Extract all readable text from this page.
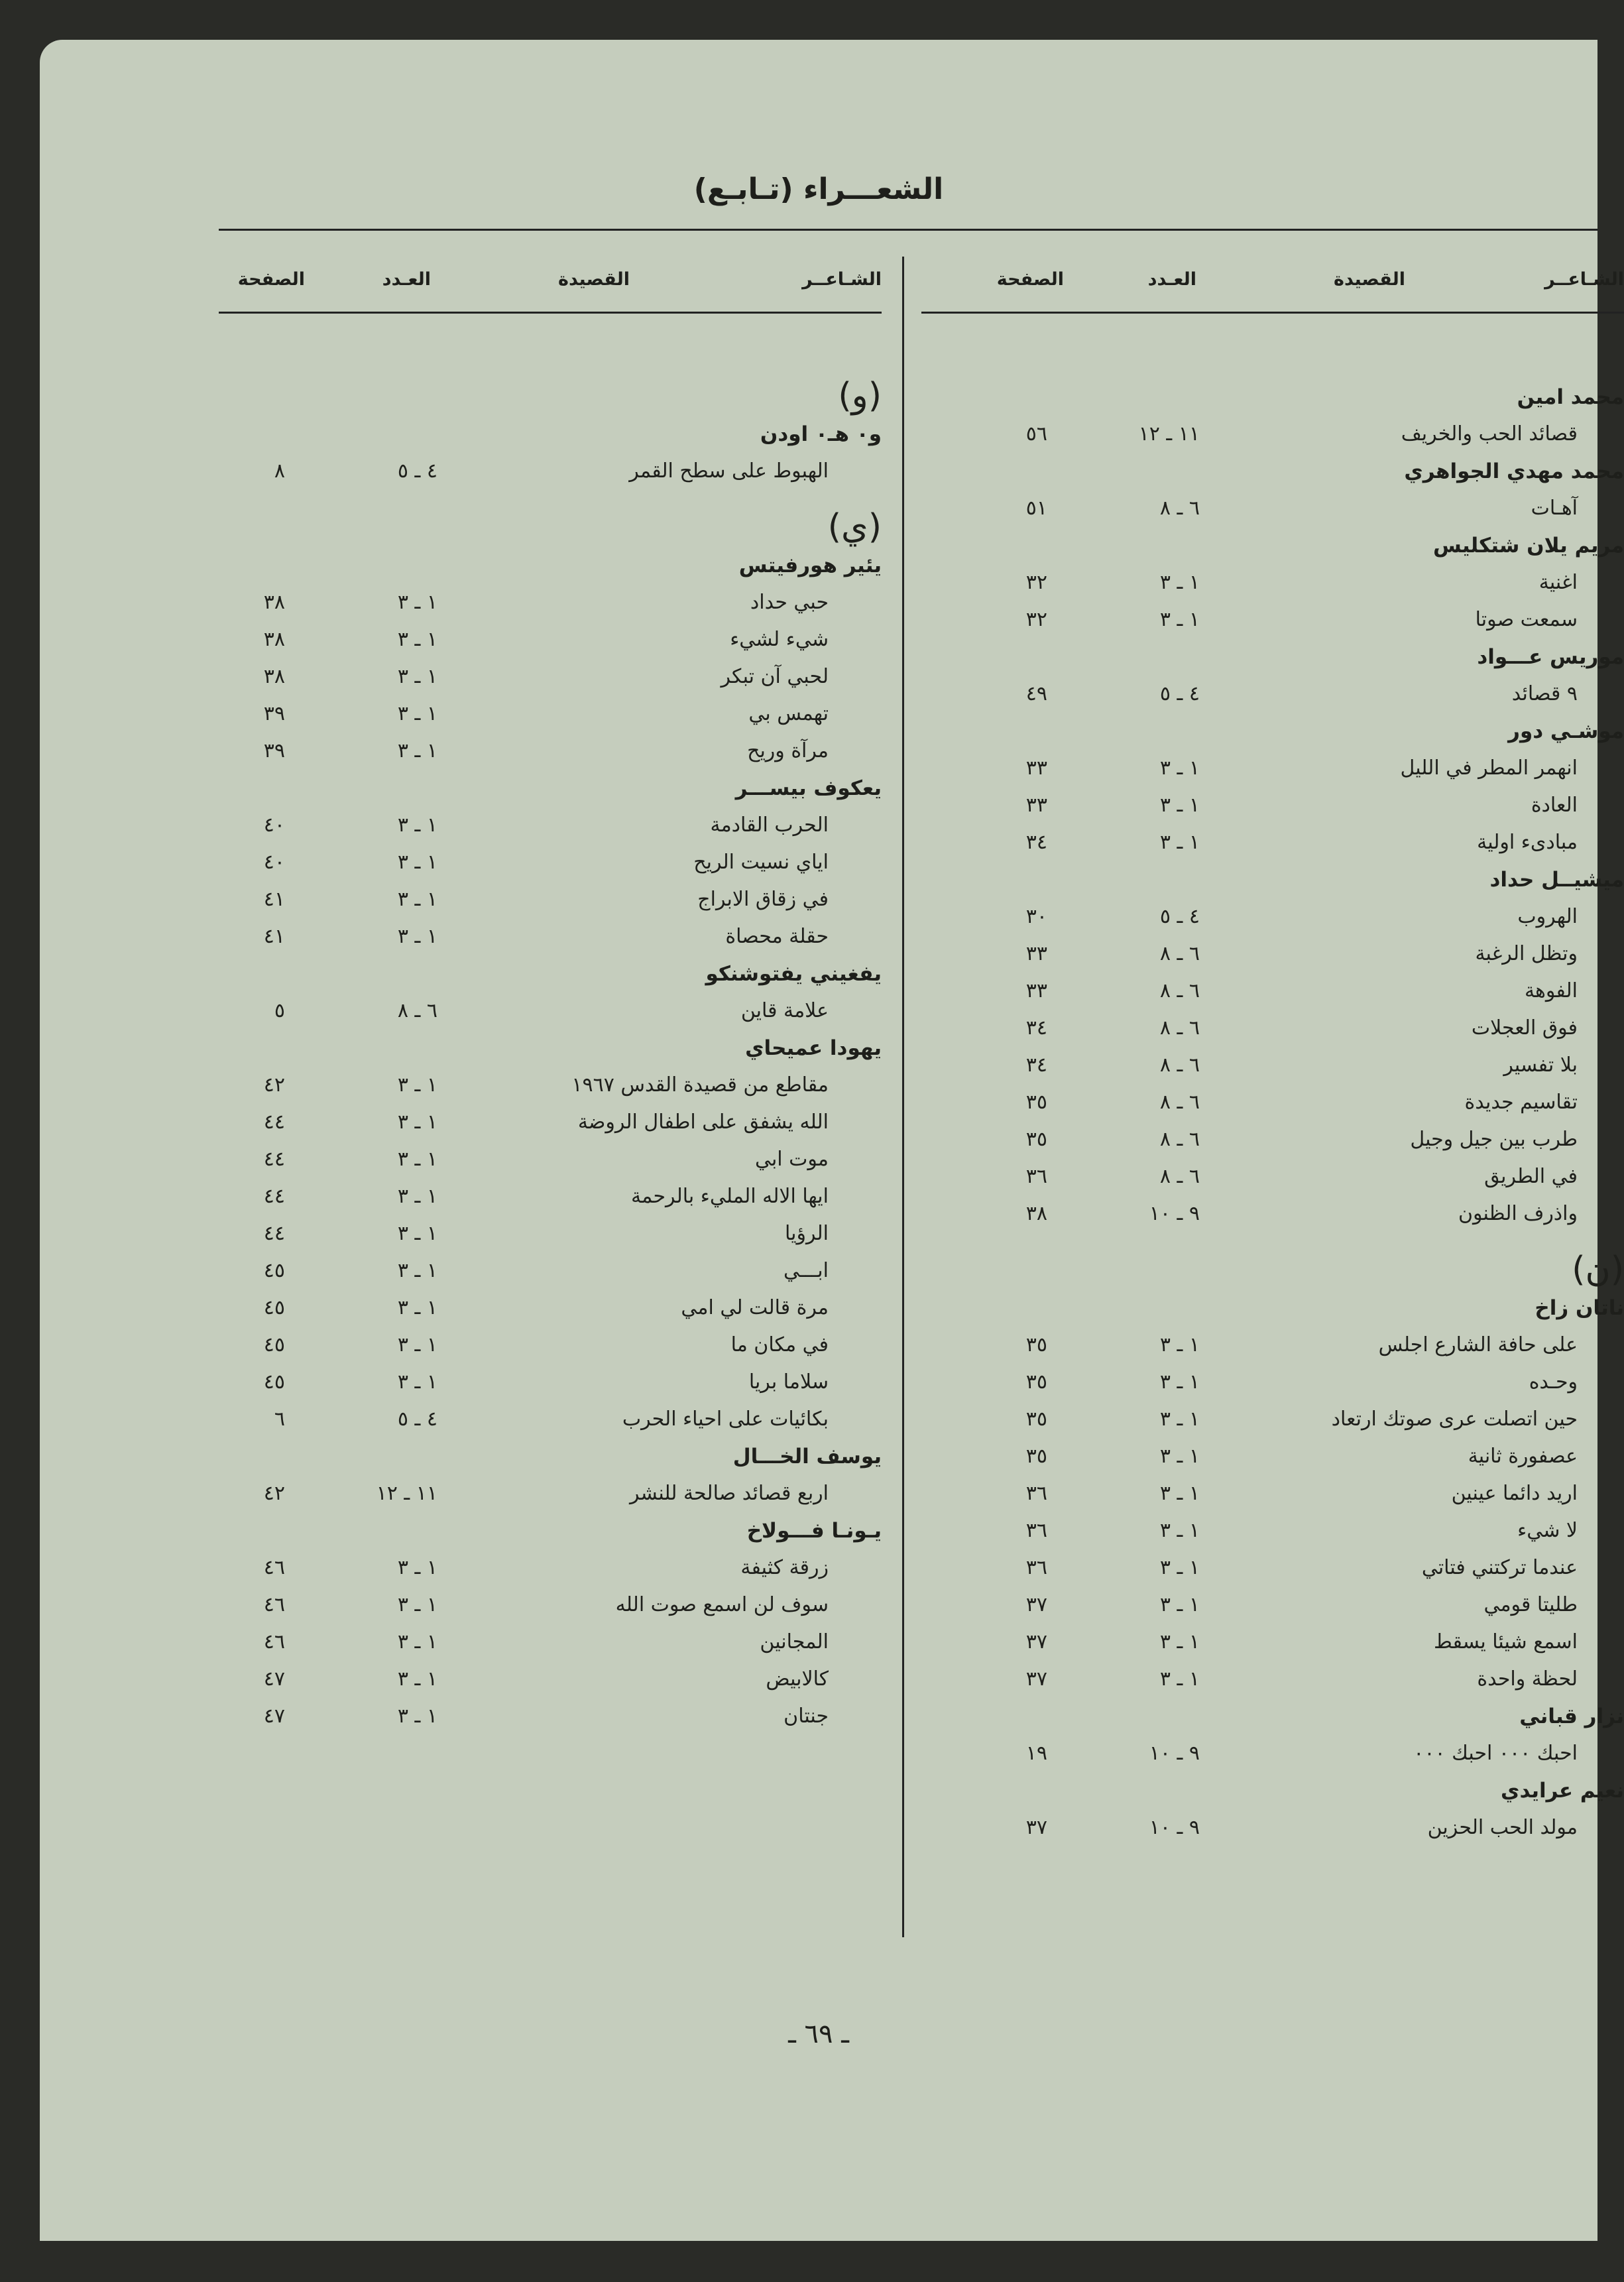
الشعـــراء (تـابـع)
الشـاعــر
القصيدة
العـدد
الصفحة
محمد امين
قصائد الحب والخريف
١١ ـ ١٢
٥٦
محمد مهدي الجواهري
آهـات
٦ ـ ٨
٥١
مريم يلان شتكليس
اغنية
١ ـ ٣
٣٢
سمعت صوتا
١ ـ ٣
٣٢
موريس عـــواد
٩ قصائد
٤ ـ ٥
٤٩
موشـي دور
انهمر المطر في الليل
١ ـ ٣
٣٣
العادة
١ ـ ٣
٣٣
مبادىء اولية
١ ـ ٣
٣٤
ميشيــل حداد
الهروب
٤ ـ ٥
٣٠
وتظل الرغبة
٦ ـ ٨
٣٣
الفوهة
٦ ـ ٨
٣٣
فوق العجلات
٦ ـ ٨
٣٤
بلا تفسير
٦ ـ ٨
٣٤
تقاسيم جديدة
٦ ـ ٨
٣٥
طرب بين جيل وجيل
٦ ـ ٨
٣٥
في الطريق
٦ ـ ٨
٣٦
واذرف الظنون
٩ ـ ١٠
٣٨
(ن)
ناتان زاخ
على حافة الشارع اجلس
١ ـ ٣
٣٥
وحـده
١ ـ ٣
٣٥
حين اتصلت عرى صوتك ارتعاد
١ ـ ٣
٣٥
عصفورة ثانية
١ ـ ٣
٣٥
اريد دائما عينين
١ ـ ٣
٣٦
لا شيء
١ ـ ٣
٣٦
عندما تركتني فتاتي
١ ـ ٣
٣٦
طليتا قومي
١ ـ ٣
٣٧
اسمع شيئا يسقط
١ ـ ٣
٣٧
لحظة واحدة
١ ـ ٣
٣٧
نزار قباني
احبك ٠٠٠ احبك ٠٠٠
٩ ـ ١٠
١٩
نعيم عرايدي
مولد الحب الحزين
٩ ـ ١٠
٣٧
الشـاعــر
القصيدة
العـدد
الصفحة
(و)
و٠ هـ٠ اودن
الهبوط على سطح القمر
٤ ـ ٥
٨
(ي)
يئير هورفيتس
حبي حداد
١ ـ ٣
٣٨
شيء لشيء
١ ـ ٣
٣٨
لحبي آن تبكر
١ ـ ٣
٣٨
تهمس بي
١ ـ ٣
٣٩
مرآة وريح
١ ـ ٣
٣٩
يعكوف بيســـر
الحرب القادمة
١ ـ ٣
٤٠
اياي نسيت الريح
١ ـ ٣
٤٠
في زقاق الابراج
١ ـ ٣
٤١
حقلة محصاة
١ ـ ٣
٤١
يفغيني يفتوشنكو
علامة قاين
٦ ـ ٨
٥
يهودا عميحاي
مقاطع من قصيدة القدس ١٩٦٧
١ ـ ٣
٤٢
الله يشفق على اطفال الروضة
١ ـ ٣
٤٤
موت ابي
١ ـ ٣
٤٤
ايها الاله المليء بالرحمة
١ ـ ٣
٤٤
الرؤيا
١ ـ ٣
٤٤
ابـــي
١ ـ ٣
٤٥
مرة قالت لي امي
١ ـ ٣
٤٥
في مكان ما
١ ـ ٣
٤٥
سلاما بريا
١ ـ ٣
٤٥
بكائيات على احياء الحرب
٤ ـ ٥
٦
يوسف الخـــال
اربع قصائد صالحة للنشر
١١ ـ ١٢
٤٢
يـونـا فـــولاخ
زرقة كثيفة
١ ـ ٣
٤٦
سوف لن اسمع صوت الله
١ ـ ٣
٤٦
المجانين
١ ـ ٣
٤٦
كالابيض
١ ـ ٣
٤٧
جنتان
١ ـ ٣
٤٧
ـ ٦٩ ـ
